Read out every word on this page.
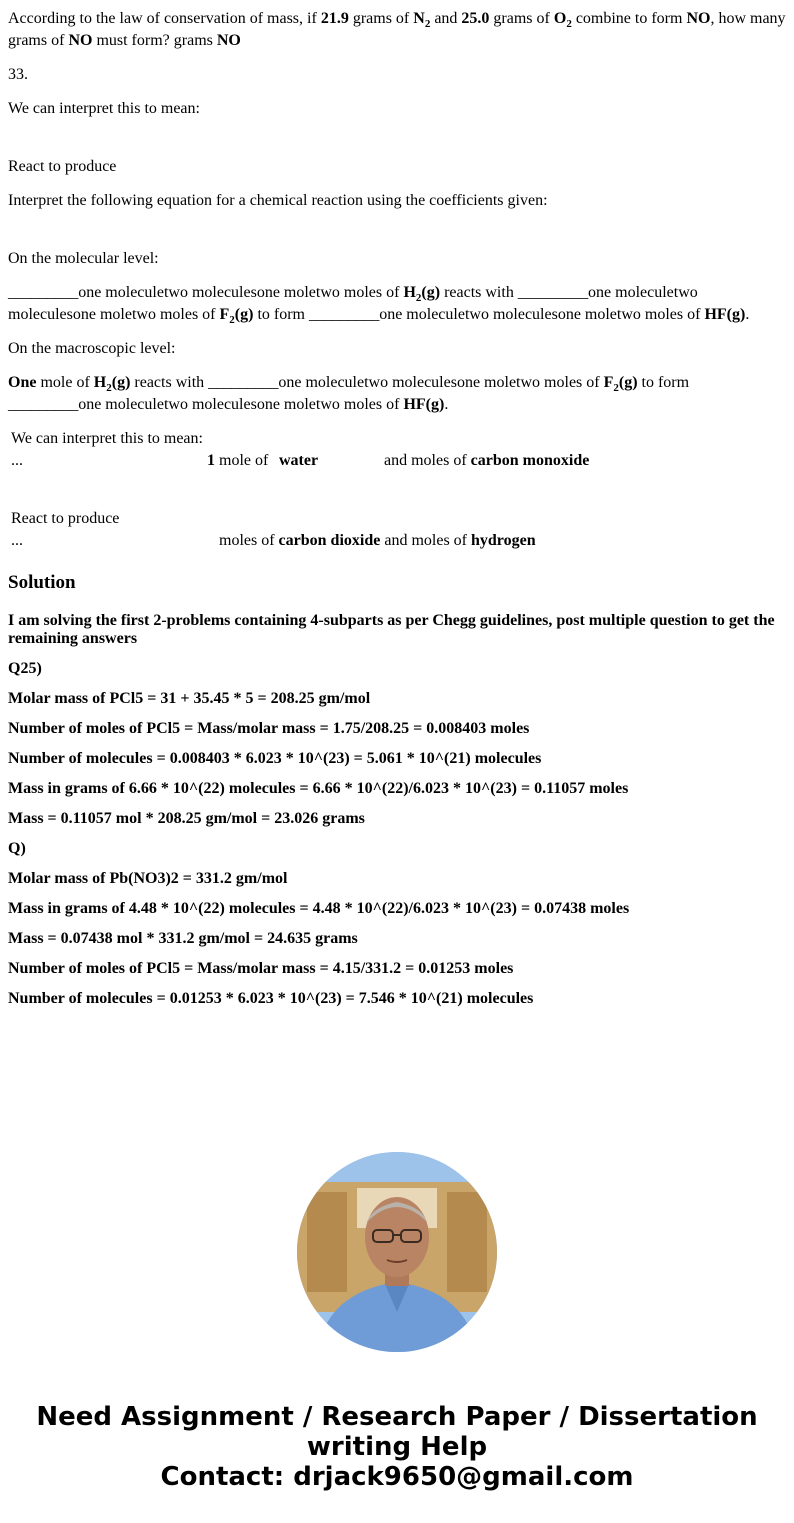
According to the law of conservation of mass, if 21.9 grams of $N_2$ and 25.0 grams of $O_2$ combine to form NO, how many grams of NO must form? grams NO

33.

We can interpret this to mean:

React to produce

Interpret the following equation for a chemical reaction using the coefficients given:

On the molecular level:

_________one moleculetwo moleculesone moletwo moles of $H_2(g)$ reacts with _________one moleculetwo moleculesone moletwo moles of $F_2(g)$ to form _________one moleculetwo moleculesone moletwo moles of HF(g).

On the macroscopic level:

One mole of $H_2(g)$ reacts with _________one moleculetwo moleculesone moletwo moles of $F_2(g)$ to form
_________one moleculetwo moleculesone moletwo moles of HF(g).

We can interpret this to mean:
...	1 mole of water	and moles of carbon monoxide
React to produce
...	moles of carbon dioxide and moles of hydrogen
Solution

I am solving the first 2-problems containing 4-subparts as per Chegg guidelines, post multiple question to get the remaining answers

Q25)

Molar mass of PCl5 = 31 + 35.45 * 5 = 208.25 gm/mol

Number of moles of PCl5 = Mass/molar mass = 1.75/208.25 = 0.008403 moles

Number of molecules = 0.008403 * 6.023 * 10^(23) = 5.061 * 10^(21) molecules

Mass in grams of 6.66 * 10^(22) molecules = 6.66 * 10^(22)/6.023 * 10^(23) = 0.11057 moles

Mass = 0.11057 mol * 208.25 gm/mol = 23.026 grams

Q)

Molar mass of Pb(NO3)2 = 331.2 gm/mol

Mass in grams of 4.48 * 10^(22) molecules = 4.48 * 10^(22)/6.023 * 10^(23) = 0.07438 moles

Mass = 0.07438 mol * 331.2 gm/mol = 24.635 grams

Number of moles of PCl5 = Mass/molar mass = 4.15/331.2 = 0.01253 moles

Number of molecules = 0.01253 * 6.023 * 10^(23) = 7.546 * 10^(21) molecules

Need Assignment / Research Paper / Dissertation
writing Help
Contact: drjack9650@gmail.com
